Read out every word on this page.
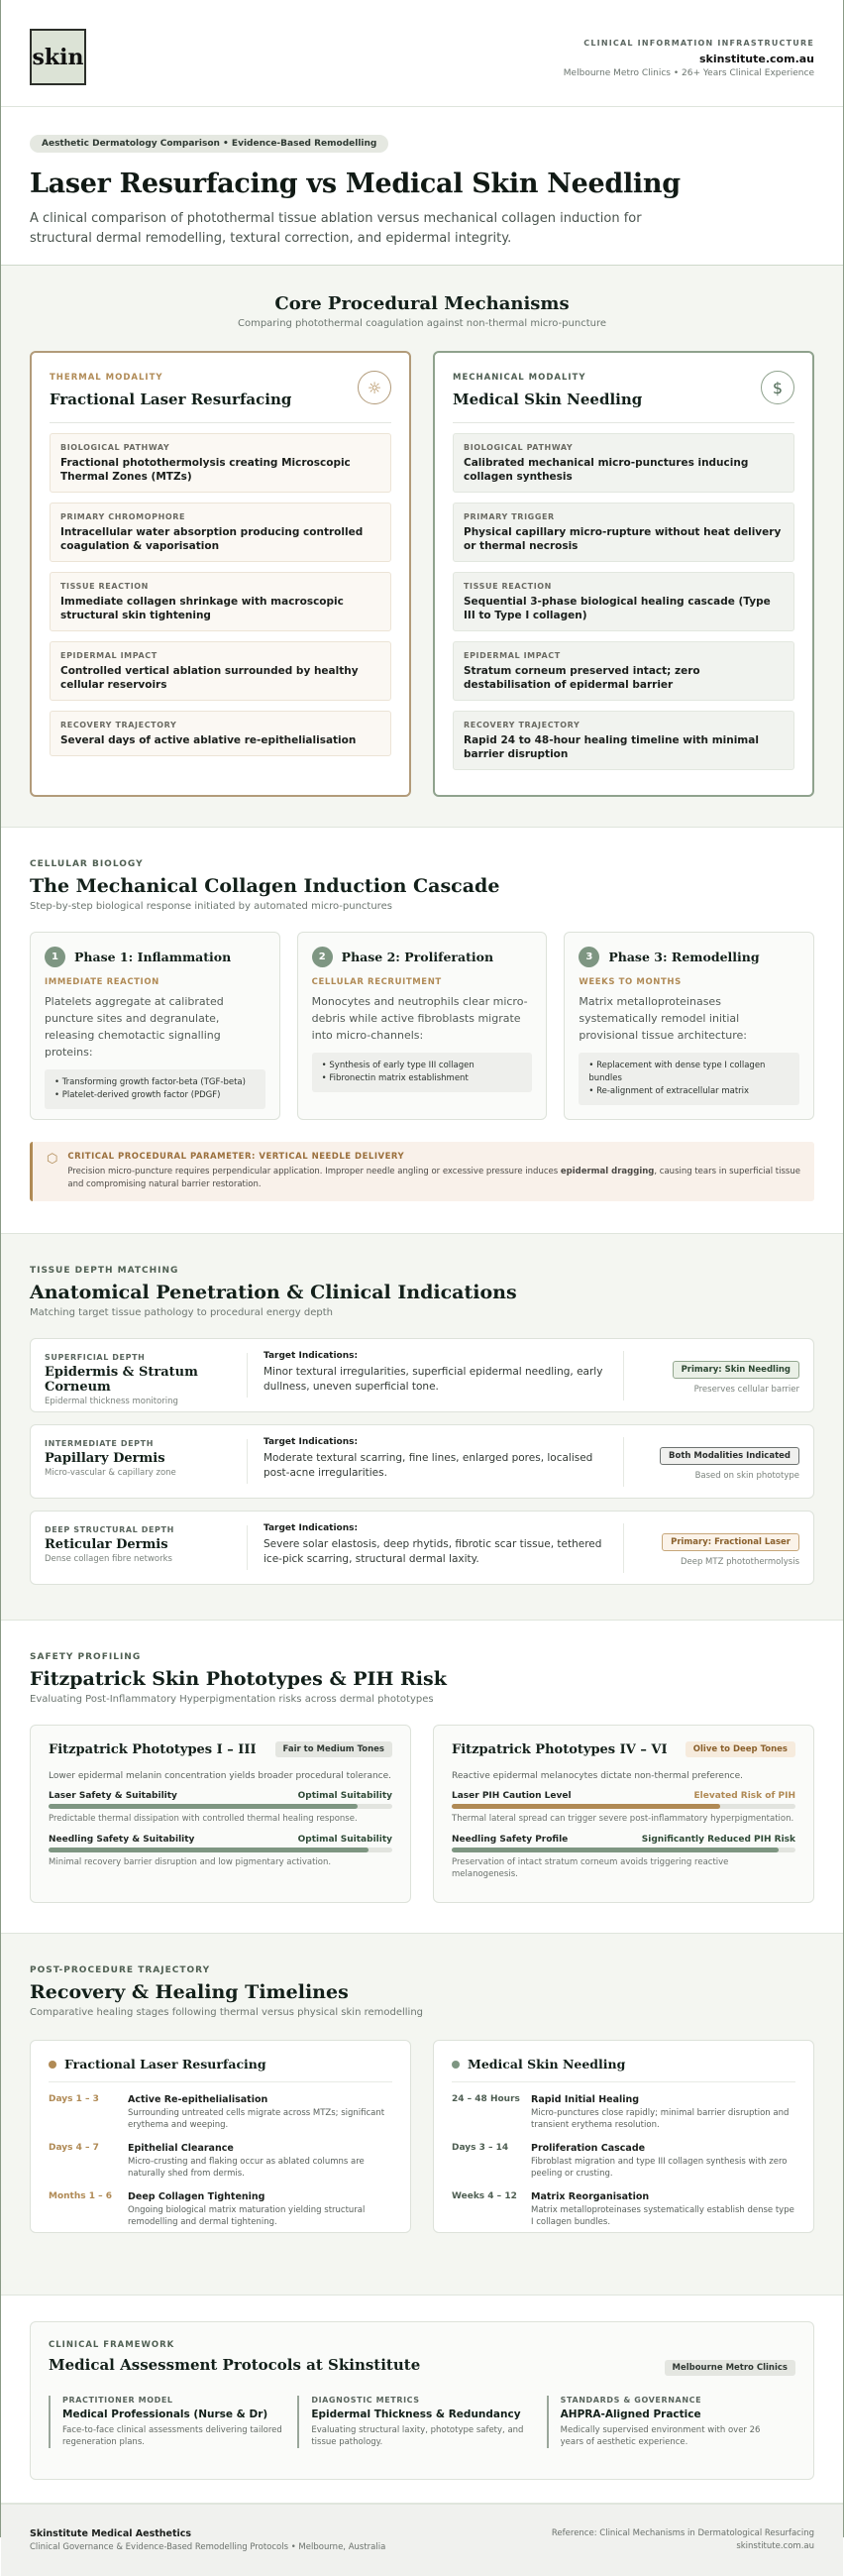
skin
CLINICAL INFORMATION INFRASTRUCTURE
skinstitute.com.au
Melbourne Metro Clinics • 26+ Years Clinical Experience
Aesthetic Dermatology Comparison • Evidence-Based Remodelling
Laser Resurfacing vs Medical Skin Needling

A clinical comparison of photothermal tissue ablation versus mechanical collagen induction for structural dermal remodelling, textural correction, and epidermal integrity.

Core Procedural Mechanisms
Comparing photothermal coagulation against non-thermal micro-puncture
THERMAL MODALITY
Fractional Laser Resurfacing
☼
BIOLOGICAL PATHWAY
Fractional photothermolysis creating Microscopic Thermal Zones (MTZs)
PRIMARY CHROMOPHORE
Intracellular water absorption producing controlled coagulation & vaporisation
TISSUE REACTION
Immediate collagen shrinkage with macroscopic structural skin tightening
EPIDERMAL IMPACT
Controlled vertical ablation surrounded by healthy cellular reservoirs
RECOVERY TRAJECTORY
Several days of active ablative re-epithelialisation
MECHANICAL MODALITY
Medical Skin Needling
$
BIOLOGICAL PATHWAY
Calibrated mechanical micro-punctures inducing collagen synthesis
PRIMARY TRIGGER
Physical capillary micro-rupture without heat delivery or thermal necrosis
TISSUE REACTION
Sequential 3-phase biological healing cascade (Type III to Type I collagen)
EPIDERMAL IMPACT
Stratum corneum preserved intact; zero destabilisation of epidermal barrier
RECOVERY TRAJECTORY
Rapid 24 to 48-hour healing timeline with minimal barrier disruption
CELLULAR BIOLOGY
The Mechanical Collagen Induction Cascade
Step-by-step biological response initiated by automated micro-punctures
1	Phase 1: Inflammation
IMMEDIATE REACTION
Platelets aggregate at calibrated puncture sites and degranulate, releasing chemotactic signalling proteins:
• Transforming growth factor-beta (TGF-beta)
• Platelet-derived growth factor (PDGF)
2	Phase 2: Proliferation
CELLULAR RECRUITMENT
Monocytes and neutrophils clear micro-debris while active fibroblasts migrate into micro-channels:
• Synthesis of early type III collagen
• Fibronectin matrix establishment
3	Phase 3: Remodelling
WEEKS TO MONTHS
Matrix metalloproteinases systematically remodel initial provisional tissue architecture:
• Replacement with dense type I collagen bundles
• Re-alignment of extracellular matrix
⬡ CRITICAL PROCEDURAL PARAMETER: VERTICAL NEEDLE DELIVERY
Precision micro-puncture requires perpendicular application. Improper needle angling or excessive pressure induces epidermal dragging, causing tears in superficial tissue and compromising natural barrier restoration.
TISSUE DEPTH MATCHING
Anatomical Penetration & Clinical Indications
Matching target tissue pathology to procedural energy depth
SUPERFICIAL DEPTH
Epidermis & Stratum Corneum
Epidermal thickness monitoring
Target Indications:
Minor textural irregularities, superficial epidermal needling, early dullness, uneven superficial tone.
Primary: Skin Needling
Preserves cellular barrier
INTERMEDIATE DEPTH
Papillary Dermis
Micro-vascular & capillary zone
Target Indications:
Moderate textural scarring, fine lines, enlarged pores, localised post-acne irregularities.
Both Modalities Indicated
Based on skin phototype
DEEP STRUCTURAL DEPTH
Reticular Dermis
Dense collagen fibre networks
Target Indications:
Severe solar elastosis, deep rhytids, fibrotic scar tissue, tethered ice-pick scarring, structural dermal laxity.
Primary: Fractional Laser
Deep MTZ photothermolysis
SAFETY PROFILING
Fitzpatrick Skin Phototypes & PIH Risk
Evaluating Post-Inflammatory Hyperpigmentation risks across dermal phototypes
Fitzpatrick Phototypes I – III	Fair to Medium Tones
Lower epidermal melanin concentration yields broader procedural tolerance.
Laser Safety & Suitability	Optimal Suitability
Predictable thermal dissipation with controlled thermal healing response.
Needling Safety & Suitability	Optimal Suitability
Minimal recovery barrier disruption and low pigmentary activation.
Fitzpatrick Phototypes IV – VI	Olive to Deep Tones
Reactive epidermal melanocytes dictate non-thermal preference.
Laser PIH Caution Level	Elevated Risk of PIH
Thermal lateral spread can trigger severe post-inflammatory hyperpigmentation.
Needling Safety Profile	Significantly Reduced PIH Risk
Preservation of intact stratum corneum avoids triggering reactive melanogenesis.
POST-PROCEDURE TRAJECTORY
Recovery & Healing Timelines
Comparative healing stages following thermal versus physical skin remodelling
Fractional Laser Resurfacing
Days 1 – 3	Active Re-epithelialisation
Surrounding untreated cells migrate across MTZs; significant erythema and weeping.
Days 4 – 7	Epithelial Clearance
Micro-crusting and flaking occur as ablated columns are naturally shed from dermis.
Months 1 – 6	Deep Collagen Tightening
Ongoing biological matrix maturation yielding structural remodelling and dermal tightening.
Medical Skin Needling
24 – 48 Hours	Rapid Initial Healing
Micro-punctures close rapidly; minimal barrier disruption and transient erythema resolution.
Days 3 – 14	Proliferation Cascade
Fibroblast migration and type III collagen synthesis with zero peeling or crusting.
Weeks 4 – 12	Matrix Reorganisation
Matrix metalloproteinases systematically establish dense type I collagen bundles.
CLINICAL FRAMEWORK
Medical Assessment Protocols at Skinstitute	Melbourne Metro Clinics
PRACTITIONER MODEL
Medical Professionals (Nurse & Dr)
Face-to-face clinical assessments delivering tailored regeneration plans.
DIAGNOSTIC METRICS
Epidermal Thickness & Redundancy
Evaluating structural laxity, phototype safety, and tissue pathology.
STANDARDS & GOVERNANCE
AHPRA-Aligned Practice
Medically supervised environment with over 26 years of aesthetic experience.
Skinstitute Medical Aesthetics
Clinical Governance & Evidence-Based Remodelling Protocols • Melbourne, Australia
Reference: Clinical Mechanisms in Dermatological Resurfacing
skinstitute.com.au
